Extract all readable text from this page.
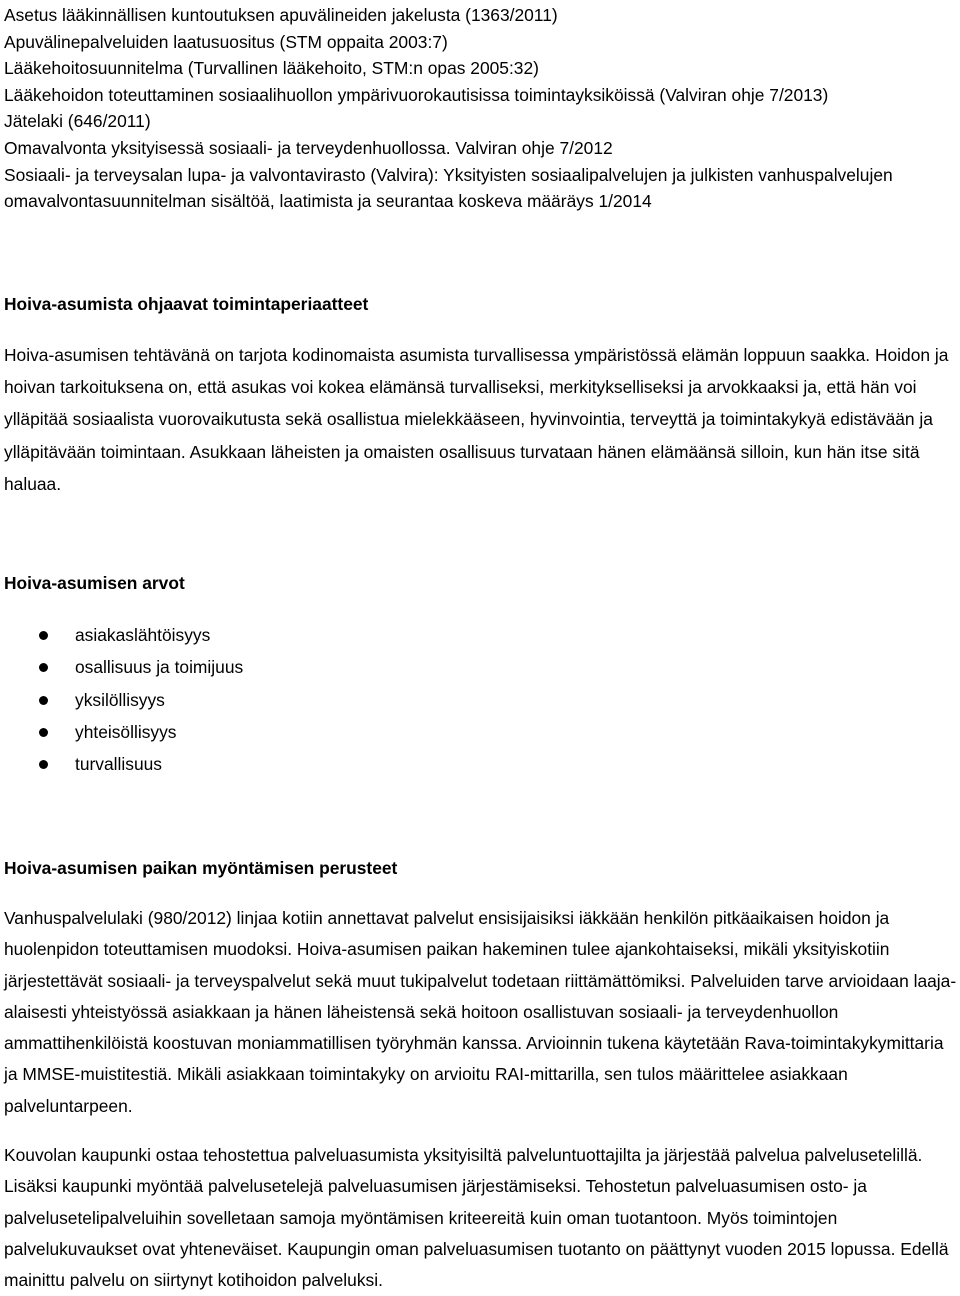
Asetus lääkinnällisen kuntoutuksen apuvälineiden jakelusta (1363/2011)
Apuvälinepalveluiden laatusuositus (STM oppaita 2003:7)
Lääkehoitosuunnitelma (Turvallinen lääkehoito, STM:n opas 2005:32)
Lääkehoidon toteuttaminen sosiaalihuollon ympärivuorokautisissa toimintayksiköissä (Valviran ohje 7/2013)
Jätelaki (646/2011)
Omavalvonta yksityisessä sosiaali- ja terveydenhuollossa. Valviran ohje 7/2012
Sosiaali- ja terveysalan lupa- ja valvontavirasto (Valvira): Yksityisten sosiaalipalvelujen ja julkisten vanhuspalvelujen omavalvontasuunnitelman sisältöä, laatimista ja seurantaa koskeva määräys 1/2014
Hoiva-asumista ohjaavat toimintaperiaatteet
Hoiva-asumisen tehtävänä on tarjota kodinomaista asumista turvallisessa ympäristössä elämän loppuun saakka. Hoidon ja hoivan tarkoituksena on, että asukas voi kokea elämänsä turvalliseksi, merkitykselliseksi ja arvokkaaksi ja, että hän voi ylläpitää sosiaalista vuorovaikutusta sekä osallistua mielekkääseen, hyvinvointia, terveyttä ja toimintakykyä edistävään ja ylläpitävään toimintaan. Asukkaan läheisten ja omaisten osallisuus turvataan hänen elämäänsä silloin, kun hän itse sitä haluaa.
Hoiva-asumisen arvot
asiakaslähtöisyys
osallisuus ja toimijuus
yksilöllisyys
yhteisöllisyys
turvallisuus
Hoiva-asumisen paikan myöntämisen perusteet
Vanhuspalvelulaki (980/2012) linjaa kotiin annettavat palvelut ensisijaisiksi iäkkään henkilön pitkäaikaisen hoidon ja huolenpidon toteuttamisen muodoksi. Hoiva-asumisen paikan hakeminen tulee ajankohtaiseksi, mikäli yksityiskotiin järjestettävät sosiaali- ja terveyspalvelut sekä muut tukipalvelut todetaan riittämättömiksi. Palveluiden tarve arvioidaan laaja-alaisesti yhteistyössä asiakkaan ja hänen läheistensä sekä hoitoon osallistuvan sosiaali- ja terveydenhuollon ammattihenkilöistä koostuvan moniammatillisen työryhmän kanssa. Arvioinnin tukena käytetään Rava-toimintakykymittaria ja MMSE-muistitestiä. Mikäli asiakkaan toimintakyky on arvioitu RAI-mittarilla, sen tulos määrittelee asiakkaan palveluntarpeen.
Kouvolan kaupunki ostaa tehostettua palveluasumista yksityisiltä palveluntuottajilta ja järjestää palvelua palvelusetelillä. Lisäksi kaupunki myöntää palvelusetelejä palveluasumisen järjestämiseksi. Tehostetun palveluasumisen osto- ja palvelusetelipalveluihin sovelletaan samoja myöntämisen kriteereitä kuin oman tuotantoon. Myös toimintojen palvelukuvaukset ovat yhteneväiset. Kaupungin oman palveluasumisen tuotanto on päättynyt vuoden 2015 lopussa. Edellä mainittu palvelu on siirtynyt kotihoidon palveluksi.
